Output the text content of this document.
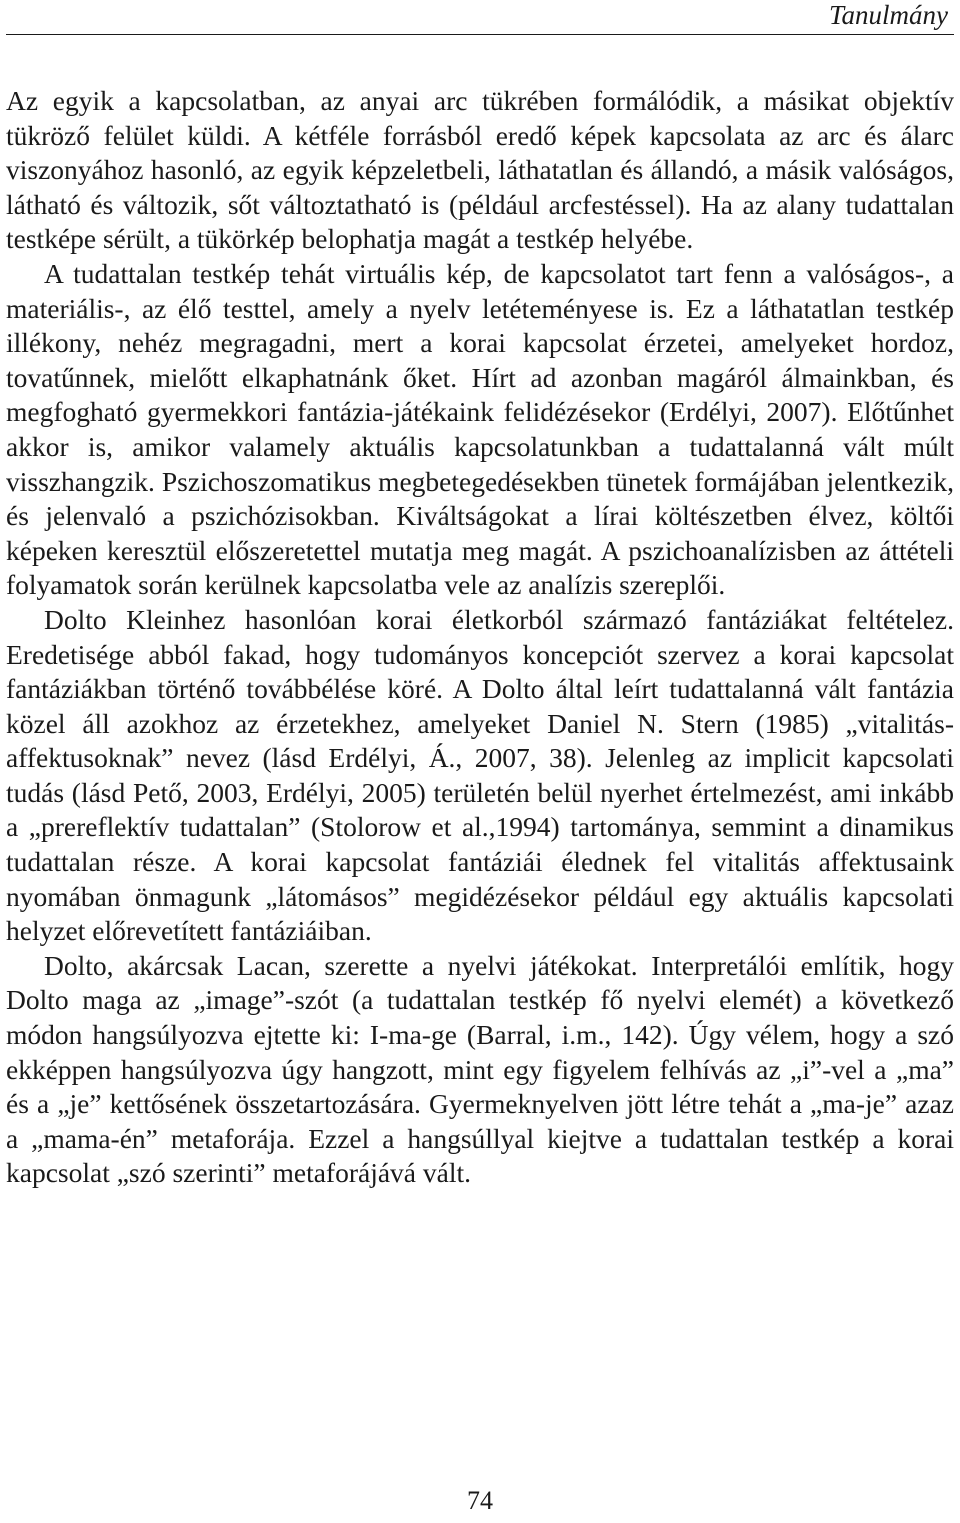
Tanulmány

Az egyik a kapcsolatban, az anyai arc tükrében formálódik, a másikat objektív tükröző felület küldi. A kétféle forrásból eredő képek kapcsolata az arc és álarc viszonyához hasonló, az egyik képzeletbeli, láthatatlan és állandó, a másik valóságos, látható és változik, sőt változtatható is (például arcfestéssel). Ha az alany tudattalan testképe sérült, a tükörkép belophatja magát a testkép helyébe.

A tudattalan testkép tehát virtuális kép, de kapcsolatot tart fenn a valóságos-, a materiális-, az élő testtel, amely a nyelv letéteményese is. Ez a láthatatlan testkép illékony, nehéz megragadni, mert a korai kapcsolat érzetei, amelyeket hordoz, tovatűnnek, mielőtt elkaphatnánk őket. Hírt ad azonban magáról álmainkban, és megfogható gyermekkori fantázia-játékaink felidézésekor (Erdélyi, 2007). Előtűnhet akkor is, amikor valamely aktuális kapcsolatunkban a tudattalanná vált múlt visszhangzik. Pszichoszomatikus megbetegedésekben tünetek formájában jelentkezik, és jelenvaló a pszichózisokban. Kiváltságokat a lírai költészetben élvez, költői képeken keresztül előszeretettel mutatja meg magát. A pszichoanalízisben az áttételi folyamatok során kerülnek kapcsolatba vele az analízis szereplői.

Dolto Kleinhez hasonlóan korai életkorból származó fantáziákat feltételez. Eredetisége abból fakad, hogy tudományos koncepciót szervez a korai kapcsolat fantáziákban történő továbbélése köré. A Dolto által leírt tudattalanná vált fantázia közel áll azokhoz az érzetekhez, amelyeket Daniel N. Stern (1985) „vitalitás-affektusoknak” nevez (lásd Erdélyi, Á., 2007, 38). Jelenleg az implicit kapcsolati tudás (lásd Pető, 2003, Erdélyi, 2005) területén belül nyerhet értelmezést, ami inkább a „prereflektív tudattalan” (Stolorow et al.,1994) tartománya, semmint a dinamikus tudattalan része. A korai kapcsolat fantáziái élednek fel vitalitás affektusaink nyomában önmagunk „látomásos” megidézésekor például egy aktuális kapcsolati helyzet előrevetített fantáziáiban.

Dolto, akárcsak Lacan, szerette a nyelvi játékokat. Interpretálói említik, hogy Dolto maga az „image”-szót (a tudattalan testkép fő nyelvi elemét) a következő módon hangsúlyozva ejtette ki: I-ma-ge (Barral, i.m., 142). Úgy vélem, hogy a szó ekképpen hangsúlyozva úgy hangzott, mint egy figyelem felhívás az „i”-vel a „ma” és a „je” kettősének összetartozására. Gyermeknyelven jött létre tehát a „ma-je” azaz a „mama-én” metaforája. Ezzel a hangsúllyal kiejtve a tudattalan testkép a korai kapcsolat „szó szerinti” metaforájává vált.

74
